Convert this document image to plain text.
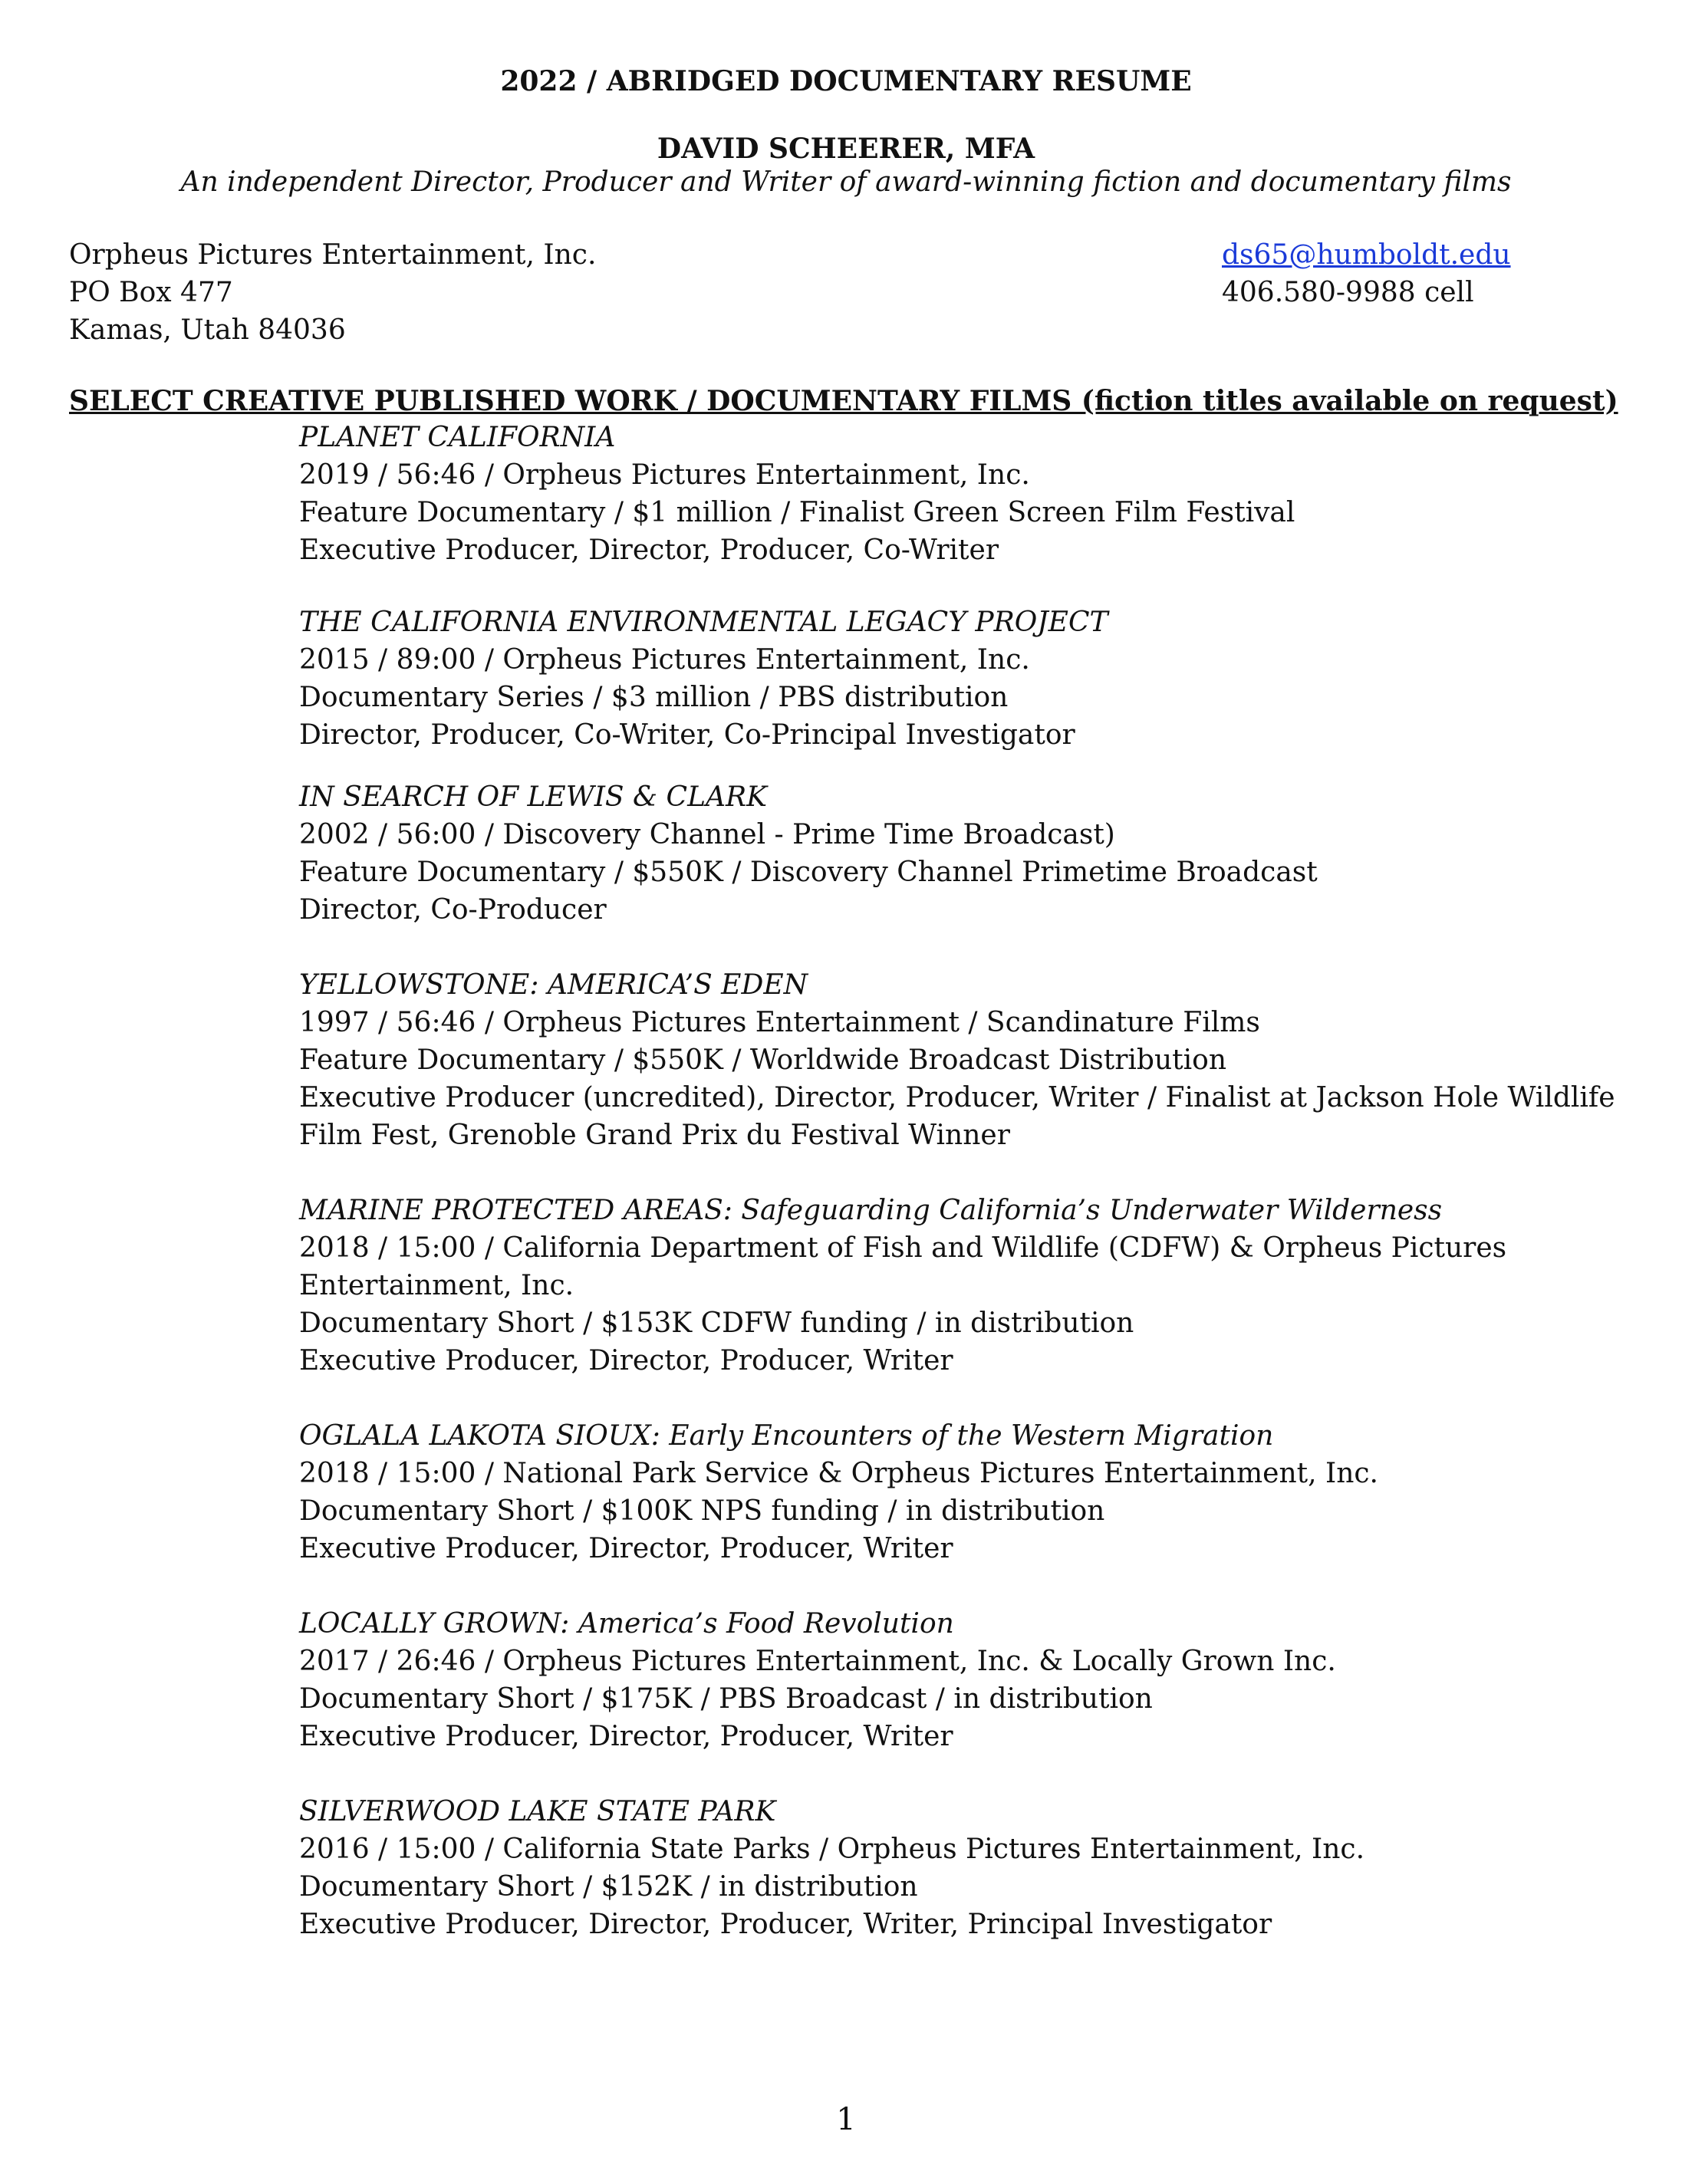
2022 / ABRIDGED DOCUMENTARY RESUME
DAVID SCHEERER, MFA
An independent Director, Producer and Writer of award-winning fiction and documentary films
Orpheus Pictures Entertainment, Inc.
PO Box 477
Kamas, Utah 84036
ds65@humboldt.edu
406.580-9988 cell
SELECT CREATIVE PUBLISHED WORK / DOCUMENTARY FILMS (fiction titles available on request)
PLANET CALIFORNIA
2019 / 56:46 / Orpheus Pictures Entertainment, Inc.
Feature Documentary / $1 million / Finalist Green Screen Film Festival
Executive Producer, Director, Producer, Co-Writer
THE CALIFORNIA ENVIRONMENTAL LEGACY PROJECT
2015 / 89:00 / Orpheus Pictures Entertainment, Inc.
Documentary Series / $3 million / PBS distribution
Director, Producer, Co-Writer, Co-Principal Investigator
IN SEARCH OF LEWIS & CLARK
2002 / 56:00 / Discovery Channel - Prime Time Broadcast)
Feature Documentary / $550K / Discovery Channel Primetime Broadcast
Director, Co-Producer
YELLOWSTONE: AMERICA’S EDEN
1997 / 56:46 / Orpheus Pictures Entertainment / Scandinature Films
Feature Documentary / $550K / Worldwide Broadcast Distribution
Executive Producer (uncredited), Director, Producer, Writer / Finalist at Jackson Hole Wildlife Film Fest, Grenoble Grand Prix du Festival Winner
MARINE PROTECTED AREAS: Safeguarding California’s Underwater Wilderness
2018 / 15:00 / California Department of Fish and Wildlife (CDFW) & Orpheus Pictures Entertainment, Inc.
Documentary Short / $153K CDFW funding / in distribution
Executive Producer, Director, Producer, Writer
OGLALA LAKOTA SIOUX: Early Encounters of the Western Migration
2018 / 15:00 / National Park Service & Orpheus Pictures Entertainment, Inc.
Documentary Short / $100K NPS funding / in distribution
Executive Producer, Director, Producer, Writer
LOCALLY GROWN: America’s Food Revolution
2017 / 26:46 / Orpheus Pictures Entertainment, Inc. & Locally Grown Inc.
Documentary Short / $175K / PBS Broadcast / in distribution
Executive Producer, Director, Producer, Writer
SILVERWOOD LAKE STATE PARK
2016 / 15:00 / California State Parks / Orpheus Pictures Entertainment, Inc.
Documentary Short / $152K / in distribution
Executive Producer, Director, Producer, Writer, Principal Investigator
1
